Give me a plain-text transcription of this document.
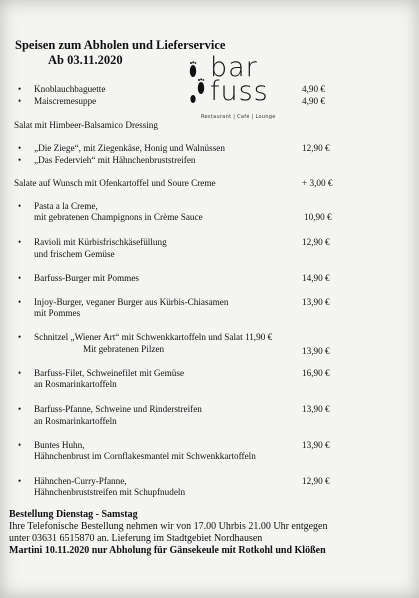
Speisen zum Abholen und Lieferservice
Ab 03.11.2020	bar
fuss
Restaurant | Café | Lounge
• Knoblauchbaguette	4,90 €
• Maiscremesuppe	4,90 €
Salat mit Himbeer-Balsamico Dressing
• „Die Ziege“, mit Ziegenkäse, Honig und Walnüssen	12,90 €
• „Das Federvieh“ mit Hähnchenbruststreifen
Salate auf Wunsch mit Ofenkartoffel und Soure Creme	+ 3,00 €
• Pasta a la Creme,
mit gebratenen Champignons in Crème Sauce	10,90 €
• Ravioli mit Kürbisfrischkäsefüllung
und frischem Gemüse
12,90 €
• Barfuss-Burger mit Pommes	14,90 €
• Injoy-Burger, veganer Burger aus Kürbis-Chiasamen
mit Pommes
13,90 €
• Schnitzel „Wiener Art“ mit Schwenkkartoffeln und Salat 11,90 €
Mit gebratenen Pilzen	13,90 €
• Barfuss-Filet, Schweinefilet mit Gemüse
an Rosmarinkartoffeln
16,90 €
• Barfuss-Pfanne, Schweine und Rinderstreifen
an Rosmarinkartoffeln
13,90 €
• Buntes Huhn,
Hähnchenbrust im Cornflakesmantel mit Schwenkkartoffeln
13,90 €
• Hähnchen-Curry-Pfanne,
Hähnchenbruststreifen mit Schupfnudeln
12,90 €
Bestellung Dienstag - Samstag
Ihre Telefonische Bestellung nehmen wir von 17.00 Uhrbis 21.00 Uhr entgegen
unter 03631 6515870 an. Lieferung im Stadtgebiet Nordhausen
Martini 10.11.2020 nur Abholung für Gänsekeule mit Rotkohl und Klößen
